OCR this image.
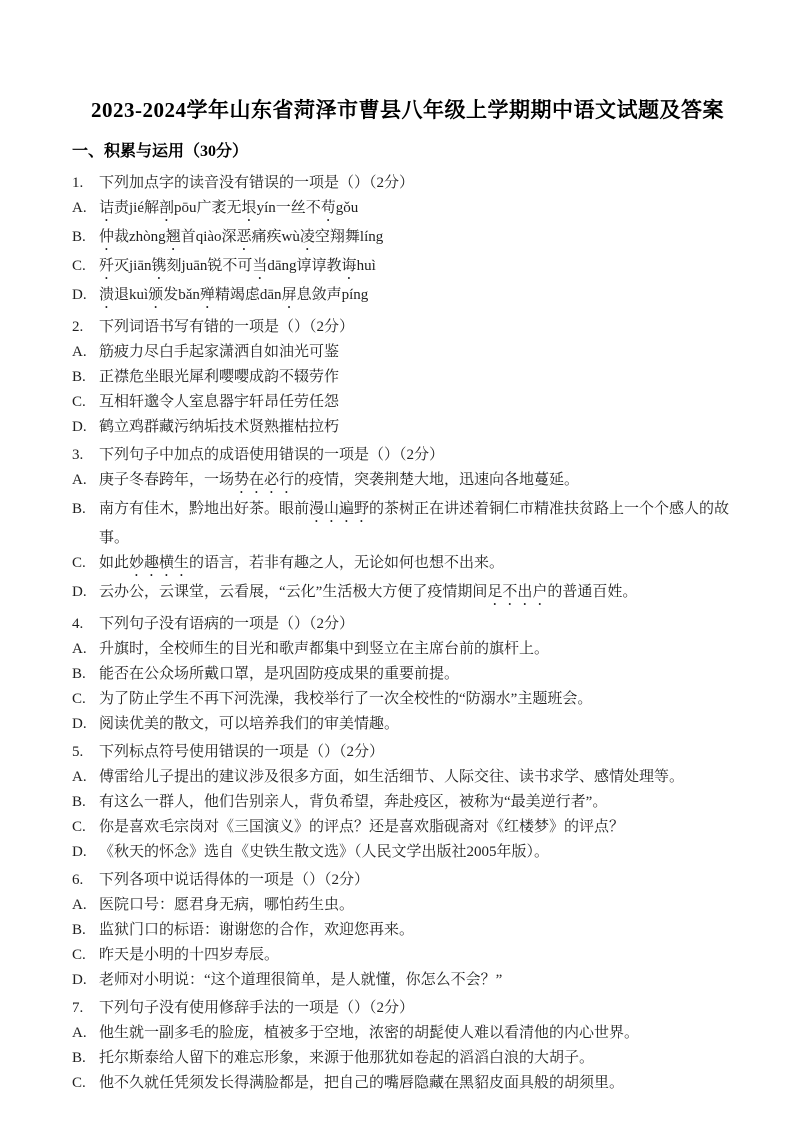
2023-2024学年山东省菏泽市曹县八年级上学期期中语文试题及答案
一、积累与运用（30分）
1.	下列加点字的读音没有错误的一项是（）（2分）
A. 诘责jié解剖pōu广袤无垠yín一丝不苟gǒu
B. 仲裁zhòng翘首qiào深恶痛疾wù凌空翔舞líng
C. 歼灭jiān镌刻juān锐不可当dāng谆谆教诲huì
D. 溃退kuì颁发bǎn殚精竭虑dān屏息敛声píng
2.	下列词语书写有错的一项是（）（2分）
A. 筋疲力尽白手起家潇洒自如油光可鉴
B. 正襟危坐眼光犀利嘤嘤成韵不辍劳作
C. 互相轩邈令人室息器宇轩昂任劳任怨
D. 鹤立鸡群藏污纳垢技术贤熟摧枯拉朽
3.	下列句子中加点的成语使用错误的一项是（）（2分）
A. 庚子冬春跨年，一场势在必行的疫情，突袭荆楚大地，迅速向各地蔓延。
B. 南方有佳木，黔地出好茶。眼前漫山遍野的茶树正在讲述着铜仁市精准扶贫路上一个个感人的故事。
C. 如此妙趣横生的语言，若非有趣之人，无论如何也想不出来。
D. 云办公，云课堂，云看展，“云化”生活极大方便了疫情期间足不出户的普通百姓。
4.	下列句子没有语病的一项是（）（2分）
A. 升旗时，全校师生的目光和歌声都集中到竖立在主席台前的旗杆上。
B. 能否在公众场所戴口罩，是巩固防疫成果的重要前提。
C. 为了防止学生不再下河洗澡，我校举行了一次全校性的“防溺水”主题班会。
D. 阅读优美的散文，可以培养我们的审美情趣。
5.	下列标点符号使用错误的一项是（）（2分）
A. 傅雷给儿子提出的建议涉及很多方面，如生活细节、人际交往、读书求学、感情处理等。
B. 有这么一群人，他们告别亲人，背负希望，奔赴疫区，被称为“最美逆行者”。
C. 你是喜欢毛宗岗对《三国演义》的评点？还是喜欢脂砚斋对《红楼梦》的评点？
D. 《秋天的怀念》选自《史铁生散文选》（人民文学出版社2005年版）。
6.	下列各项中说话得体的一项是（）（2分）
A. 医院口号：愿君身无病，哪怕药生虫。
B. 监狱门口的标语：谢谢您的合作，欢迎您再来。
C. 昨天是小明的十四岁寿辰。
D. 老师对小明说：“这个道理很简单，是人就懂，你怎么不会？”
7.	下列句子没有使用修辞手法的一项是（）（2分）
A. 他生就一副多毛的脸庞，植被多于空地，浓密的胡髭使人难以看清他的内心世界。
B. 托尔斯泰给人留下的难忘形象，来源于他那犹如卷起的滔滔白浪的大胡子。
C. 他不久就任凭须发长得满脸都是，把自己的嘴唇隐藏在黑貂皮面具般的胡须里。
